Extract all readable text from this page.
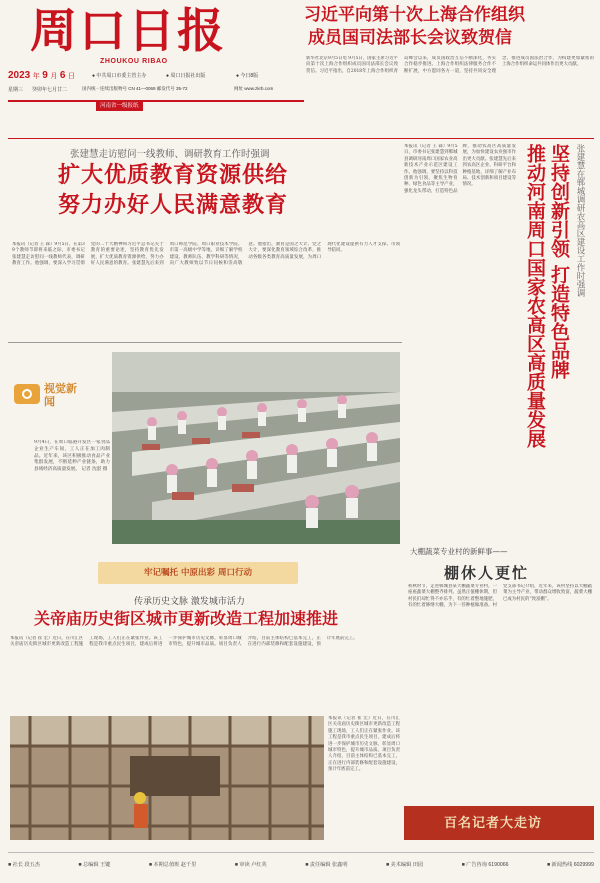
周口日报
ZHOUKOU RIBAO
习近平向第十次上海合作组织
成员国司法部长会议致贺信
新华社北京9月5日电 9月5日，国家主席习近平向第十次上海合作组织成员国司法部长会议致贺信。习近平指出，自2018年上海合作组织青岛峰会以来，成员国政治互信不断深化，务实合作稳步推进。上海合作组织法律服务合作不断扩展，中方愿同各方一道，坚持共同安全理念，推进成员国法治合作，为构建更加紧密的上海合作组织命运共同体作出更大贡献。
2023 年 9 月 6 日	● 中共周口市委主管主办	● 周口日报社出版	● 今日8版
星期三 癸卯年七月廿二	国内统一连续出版物号 CN 41—0069 邮发代号 35-72	网址 www.zkrb.com
河南省一级报纸
张建慧走访慰问一线教师、调研教育工作时强调
扩大优质教育资源供给
努力办好人民满意教育
本报讯（记者 王 森）9月5日，在第39个教师节即将来临之际，市委书记张建慧走访慰问一线教师代表，调研教育工作。他强调，要深入学习贯彻党的二十大精神和习近平总书记关于教育的重要论述，坚持教育优先发展，扩大优质教育资源供给，努力办好人民满意的教育。张建慧先后来到周口师范学院、周口职业技术学院、市第一高级中学等地，详细了解学校建设、教师队伍、教学科研等情况，向广大教师致以节日问候和崇高敬意。他指出，教育是国之大计、党之大计，要深化教育领域综合改革，推动各级各类教育高质量发展，为周口现代化建设提供有力人才支撑。市领导陪同。	张建慧在郸城调研农高区建设工作时强调
坚持创新引领 打造特色品牌
推动河南周口国家农高区高质量发展
本报讯（记者 王 森）9月5日，市委书记张建慧到郸城县调研河南周口国家农业高新技术产业示范区建设工作。他强调，要坚持以科技创新为引领，聚焦生物育种、绿色食品等主导产业，强化龙头带动，打造特色品牌，推动农高区高质量发展，为加快建设农业强市作出更大贡献。张建慧先后来到农高区企业、科研平台和种植基地，详细了解产业布局、技术创新和项目建设等情况。
视觉新闻
9月4日，在周口临港开发区一家食品企业生产车间，工人正在加工肉制品。近年来，该区积极推动食品产业集群发展，不断延伸产业链条，助力县域经济高质量发展。 记者 沈湛 摄
牢记嘱托 中原出彩 周口行动
传承历史文脉 激发城市活力
关帝庙历史街区城市更新改造工程加速推进
本报讯（记者 崔 宏）近日，在川汇区关帝庙历史街区城市更新改造工程施工现场，工人们正在紧张作业。该工程是我市重点民生项目，建成后将进一步保护城市历史文脉，彰显周口城市特色，提升城市品质。项目负责人介绍，目前主体结构已基本完工，正在进行内部装修和配套设施建设，预计年底前完工。
本报讯（记者 崔 宏）近日，在川汇区关帝庙历史街区城市更新改造工程施工现场，工人们正在紧张作业。该工程是我市重点民生项目，建成后将进一步保护城市历史文脉，彰显周口城市特色，提升城市品质。项目负责人介绍，目前主体结构已基本完工，正在进行内部装修和配套设施建设，预计年底前完工。
大棚蔬菜专业村的新鲜事——
棚休人更忙
初秋时节，走进郸城县某大棚蔬菜专业村，一座座蔬菜大棚整齐排列。虽然正值棚休期，但村民们却忙得不亦乐乎，有的忙着整地施肥，有的忙着修缮大棚，为下一茬种植做准备。村党支部书记介绍，近年来，该村坚持以大棚蔬菜为主导产业，带动群众增收致富，蔬菜大棚已成为村民的“致富棚”。
百名记者大走访
■ 社长 段五杰	■ 总编辑 王键	■ 本期总值班 赵千里	■ 审读 卢红英	■ 责任编辑 张鑫明	■ 美术编辑 田园	■ 广告咨询 6190066	■ 新闻热线 6029999
